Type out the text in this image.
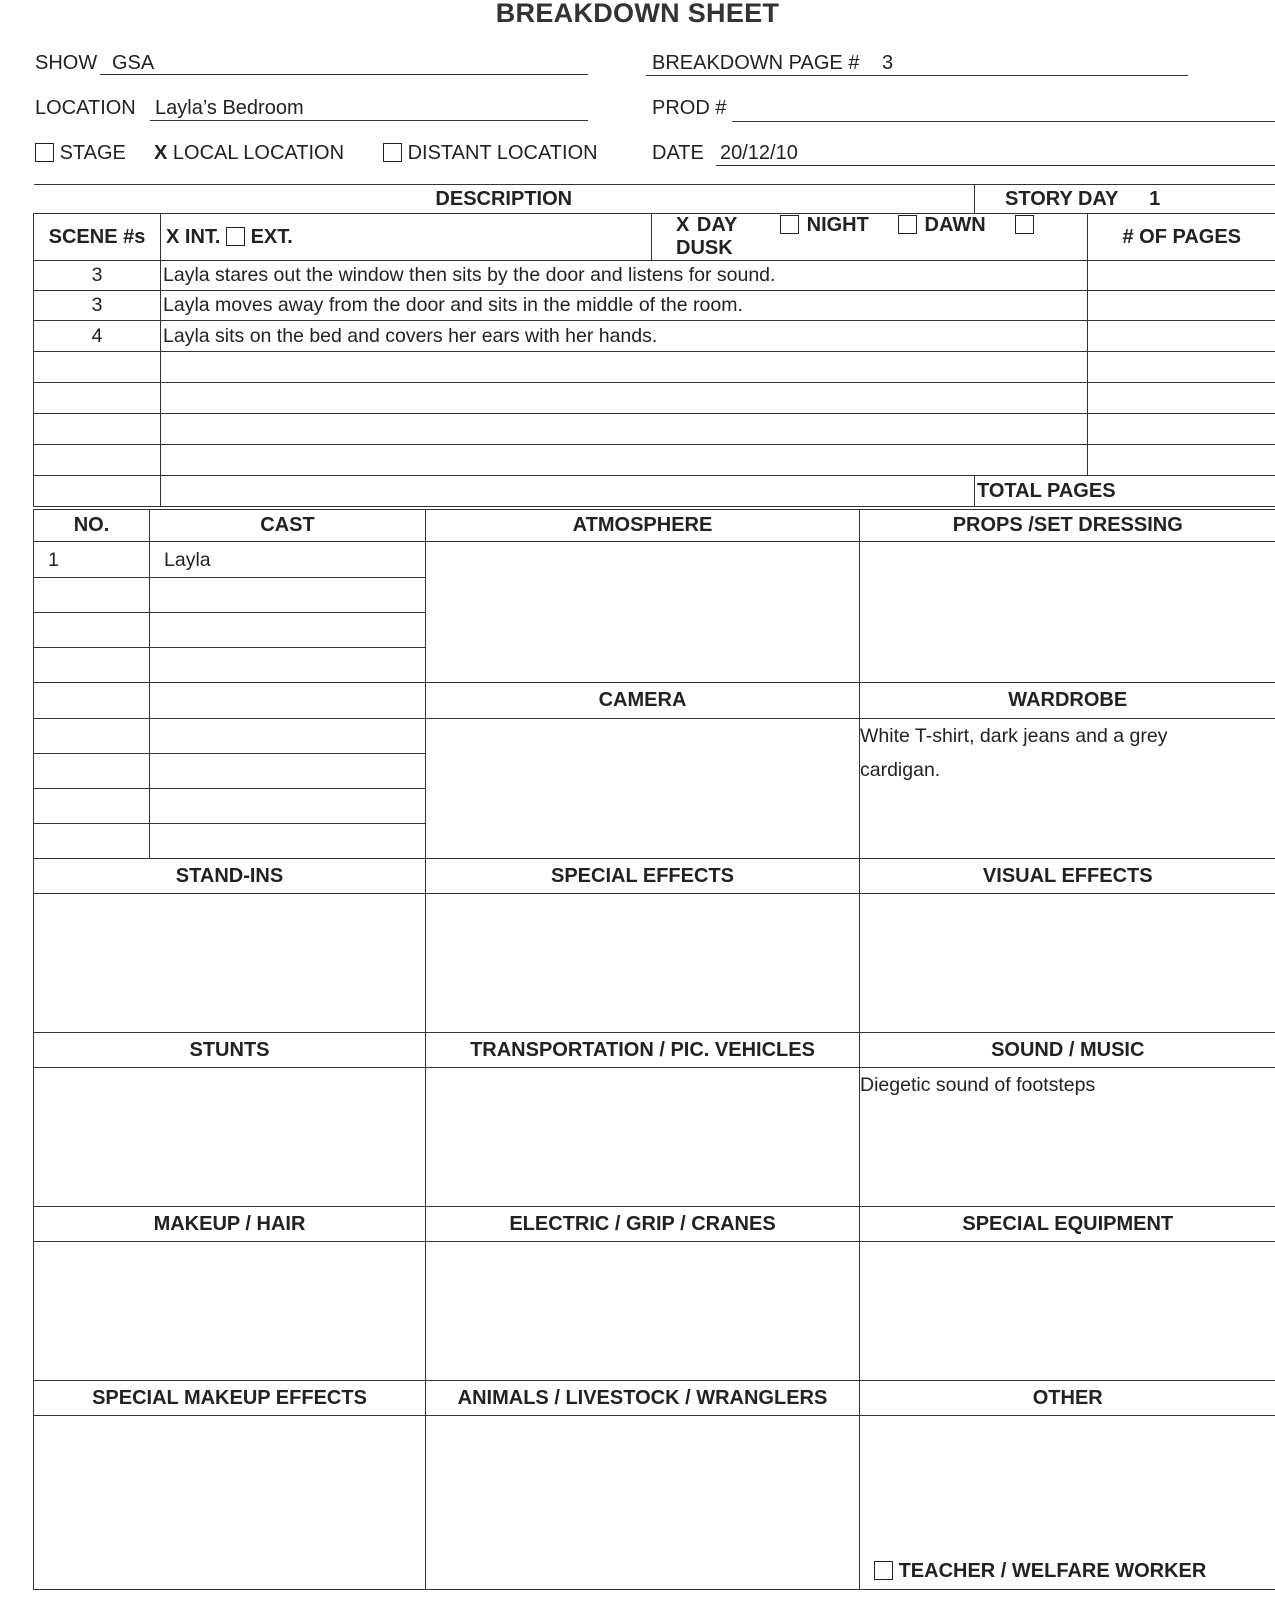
BREAKDOWN SHEET
SHOW GSA	BREAKDOWN PAGE # 3
LOCATION Layla’s Bedroom	PROD #
STAGE X LOCAL LOCATION	DISTANT LOCATION	DATE 20/12/10
DESCRIPTION			STORY DAY 1	
SCENE #s	X INT. EXT.	X DAY NIGHT DAWN   DUSK		# OF PAGES
3	Layla stares out the window then sits by the door and listens for sound.			
3	Layla moves away from the door and sits in the middle of the room.			
4	Layla sits on the bed and covers her ears with her hands.			

			TOTAL PAGES	
NO.	CAST	ATMOSPHERE	PROPS /SET DRESSING
1	Layla		

		CAMERA	WARDROBE
			White T-shirt, dark jeans and a grey cardigan.

STAND-INS		SPECIAL EFFECTS	VISUAL EFFECTS

STUNTS		TRANSPORTATION / PIC. VEHICLES	SOUND / MUSIC
			Diegetic sound of footsteps
MAKEUP / HAIR		ELECTRIC / GRIP / CRANES	SPECIAL EQUIPMENT

SPECIAL MAKEUP EFFECTS		ANIMALS / LIVESTOCK / WRANGLERS	OTHER
			TEACHER / WELFARE WORKER
